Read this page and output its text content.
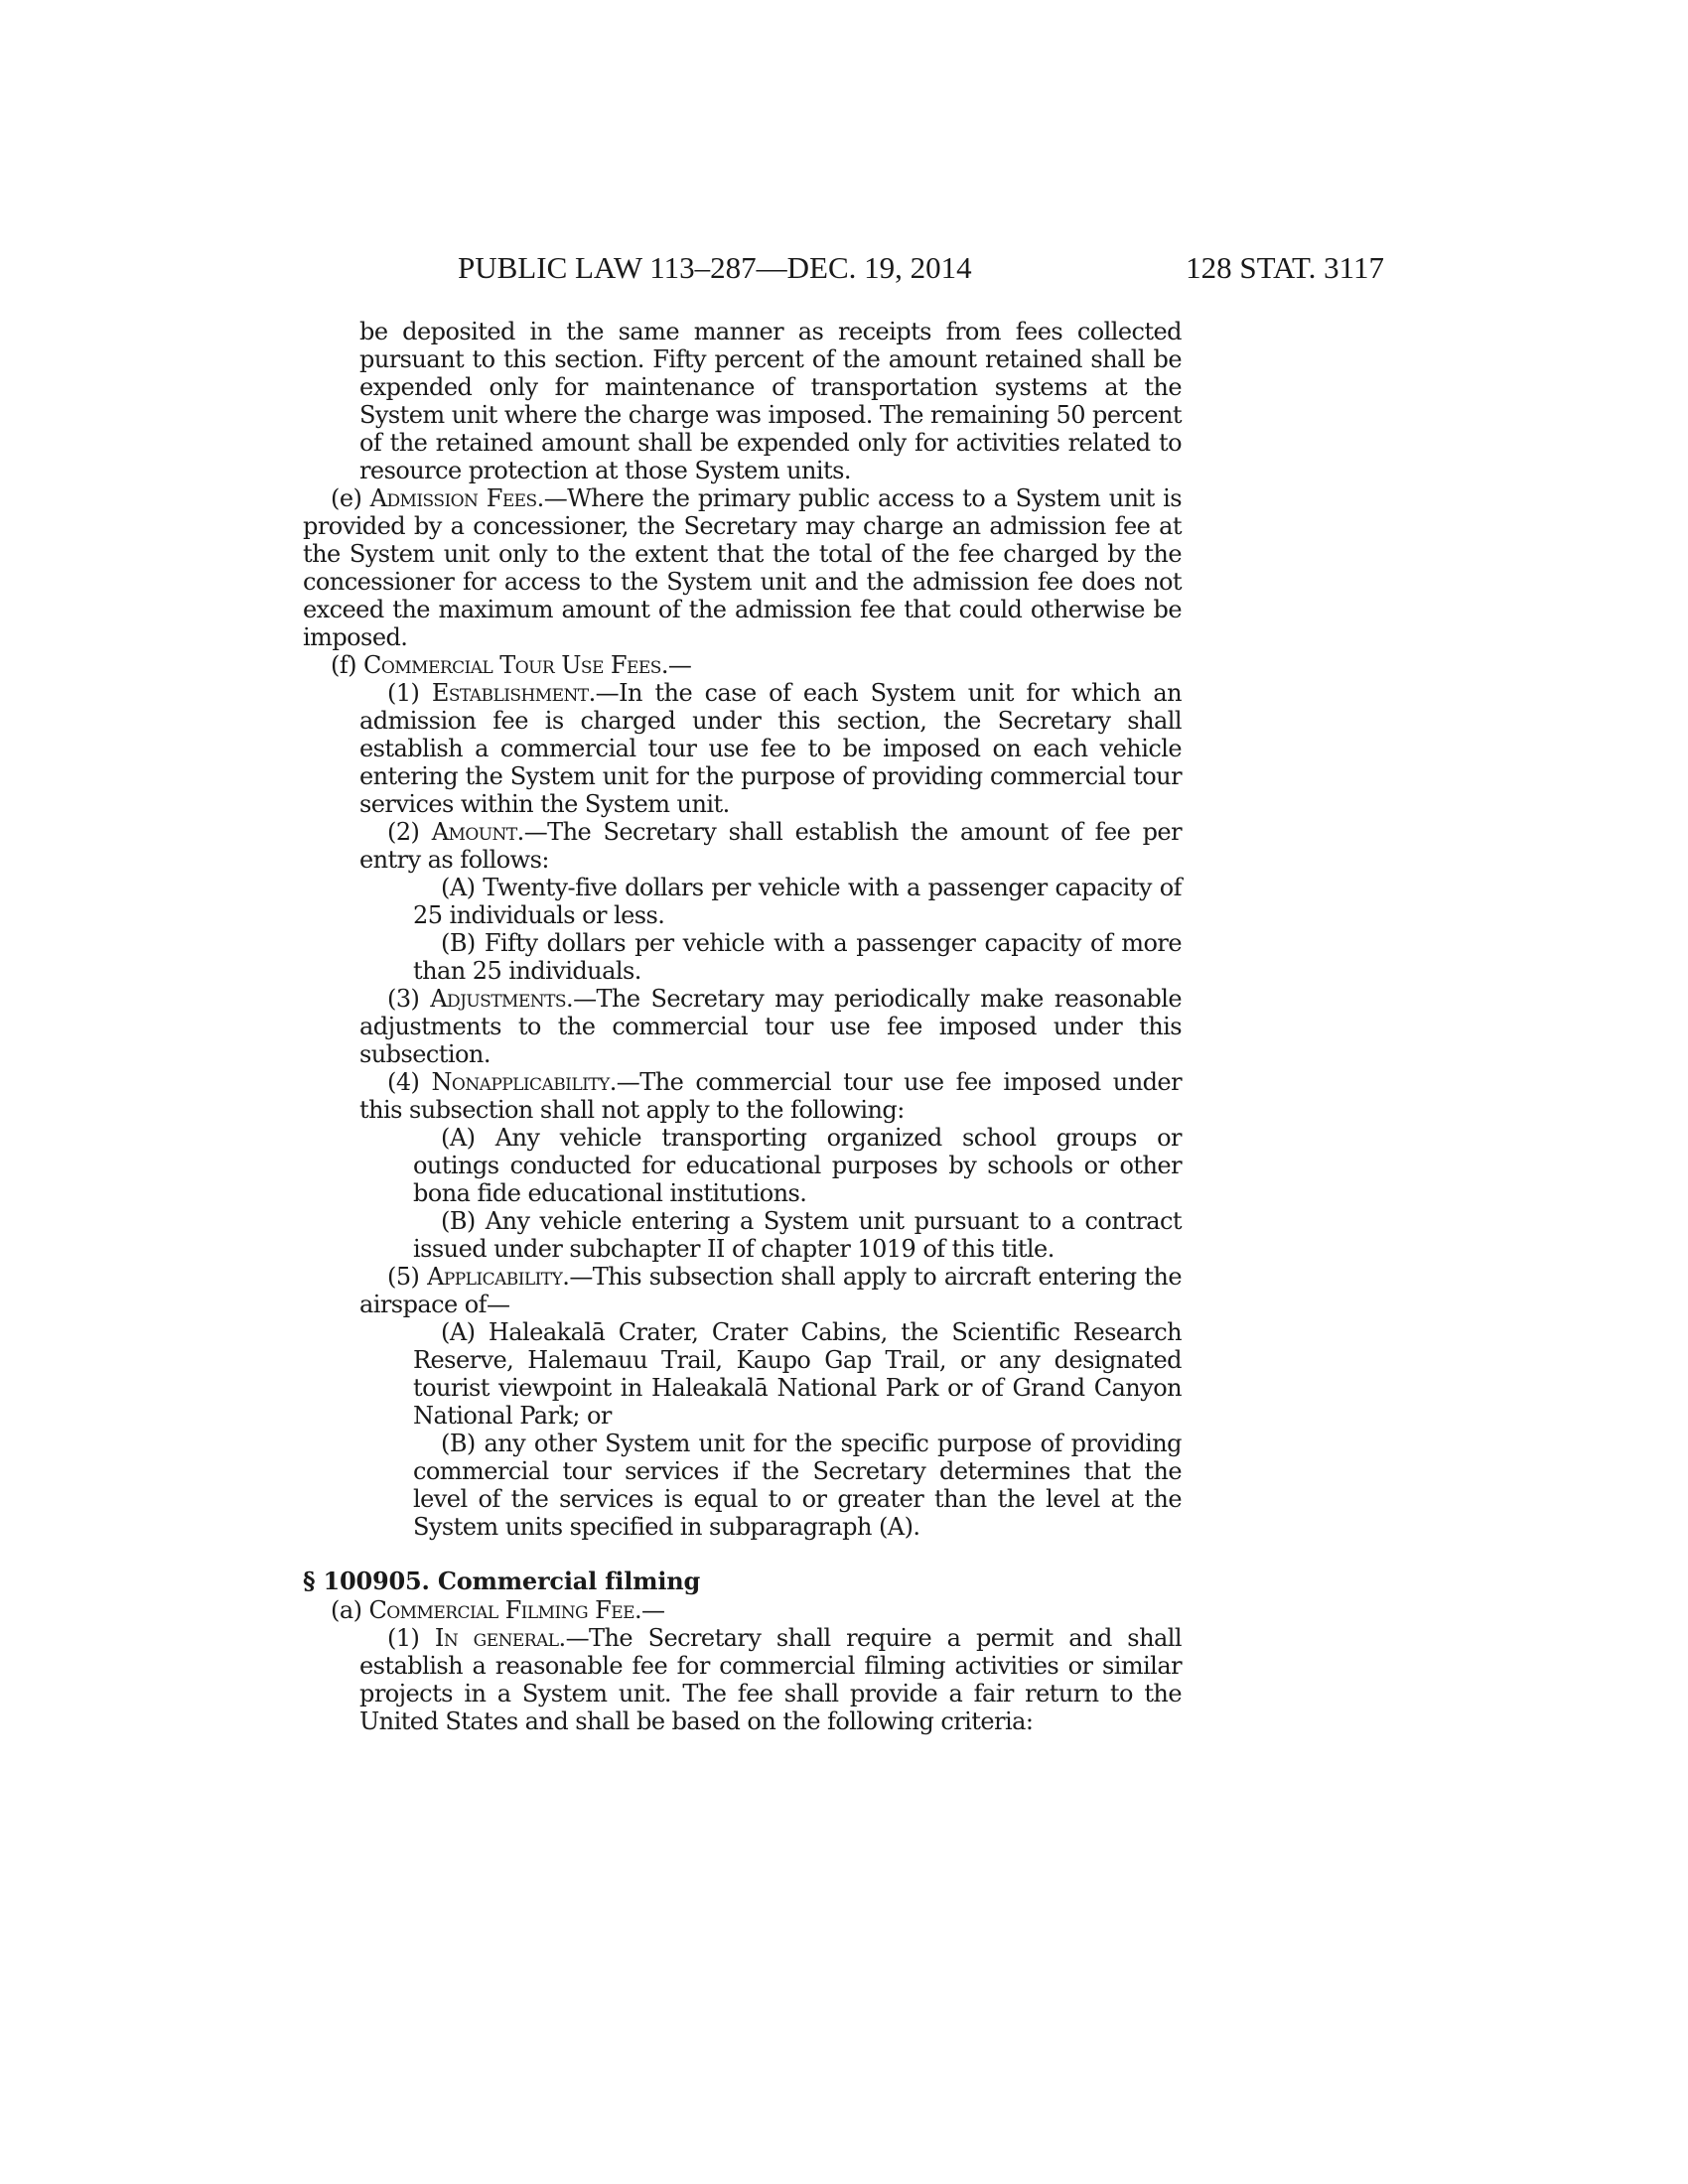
PUBLIC LAW 113–287—DEC. 19, 2014	128 STAT. 3117

be deposited in the same manner as receipts from fees collected pursuant to this section. Fifty percent of the amount retained shall be expended only for maintenance of transportation systems at the System unit where the charge was imposed. The remaining 50 percent of the retained amount shall be expended only for activities related to resource protection at those System units.

(e) Admission Fees.—Where the primary public access to a System unit is provided by a concessioner, the Secretary may charge an admission fee at the System unit only to the extent that the total of the fee charged by the concessioner for access to the System unit and the admission fee does not exceed the maximum amount of the admission fee that could otherwise be imposed.

(f) Commercial Tour Use Fees.—

(1) Establishment.—In the case of each System unit for which an admission fee is charged under this section, the Secretary shall establish a commercial tour use fee to be imposed on each vehicle entering the System unit for the purpose of providing commercial tour services within the System unit.

(2) Amount.—The Secretary shall establish the amount of fee per entry as follows:

(A) Twenty-five dollars per vehicle with a passenger capacity of 25 individuals or less.

(B) Fifty dollars per vehicle with a passenger capacity of more than 25 individuals.

(3) Adjustments.—The Secretary may periodically make reasonable adjustments to the commercial tour use fee imposed under this subsection.

(4) Nonapplicability.—The commercial tour use fee imposed under this subsection shall not apply to the following:

(A) Any vehicle transporting organized school groups or outings conducted for educational purposes by schools or other bona fide educational institutions.

(B) Any vehicle entering a System unit pursuant to a contract issued under subchapter II of chapter 1019 of this title.

(5) Applicability.—This subsection shall apply to aircraft entering the airspace of—

(A) Haleakalā Crater, Crater Cabins, the Scientific Research Reserve, Halemauu Trail, Kaupo Gap Trail, or any designated tourist viewpoint in Haleakalā National Park or of Grand Canyon National Park; or

(B) any other System unit for the specific purpose of providing commercial tour services if the Secretary determines that the level of the services is equal to or greater than the level at the System units specified in subparagraph (A).

§ 100905. Commercial filming

(a) Commercial Filming Fee.—

(1) In general.—The Secretary shall require a permit and shall establish a reasonable fee for commercial filming activities or similar projects in a System unit. The fee shall provide a fair return to the United States and shall be based on the following criteria:
